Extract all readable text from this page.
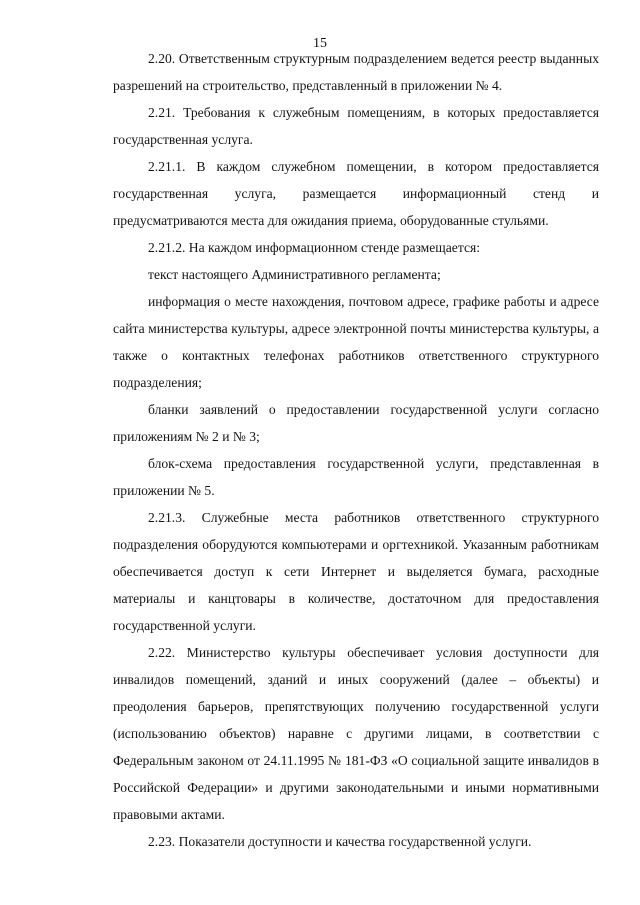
15

2.20. Ответственным структурным подразделением ведется реестр выданных разрешений на строительство, представленный в приложении № 4.

2.21. Требования к служебным помещениям, в которых предоставляется государственная услуга.

2.21.1. В каждом служебном помещении, в котором предоставляется государственная услуга, размещается информационный стенд и предусматриваются места для ожидания приема, оборудованные стульями.

2.21.2. На каждом информационном стенде размещается:

текст настоящего Административного регламента;

информация о месте нахождения, почтовом адресе, графике работы и адресе сайта министерства культуры, адресе электронной почты министерства культуры, а также о контактных телефонах работников ответственного структурного подразделения;

бланки заявлений о предоставлении государственной услуги согласно приложениям № 2 и № 3;

блок-схема предоставления государственной услуги, представленная в приложении № 5.

2.21.3. Служебные места работников ответственного структурного подразделения оборудуются компьютерами и оргтехникой. Указанным работникам обеспечивается доступ к сети Интернет и выделяется бумага, расходные материалы и канцтовары в количестве, достаточном для предоставления государственной услуги.

2.22. Министерство культуры обеспечивает условия доступности для инвалидов помещений, зданий и иных сооружений (далее – объекты) и преодоления барьеров, препятствующих получению государственной услуги (использованию объектов) наравне с другими лицами, в соответствии с Федеральным законом от 24.11.1995 № 181-ФЗ «О социальной защите инвалидов в Российской Федерации» и другими законодательными и иными нормативными правовыми актами.

2.23. Показатели доступности и качества государственной услуги.
